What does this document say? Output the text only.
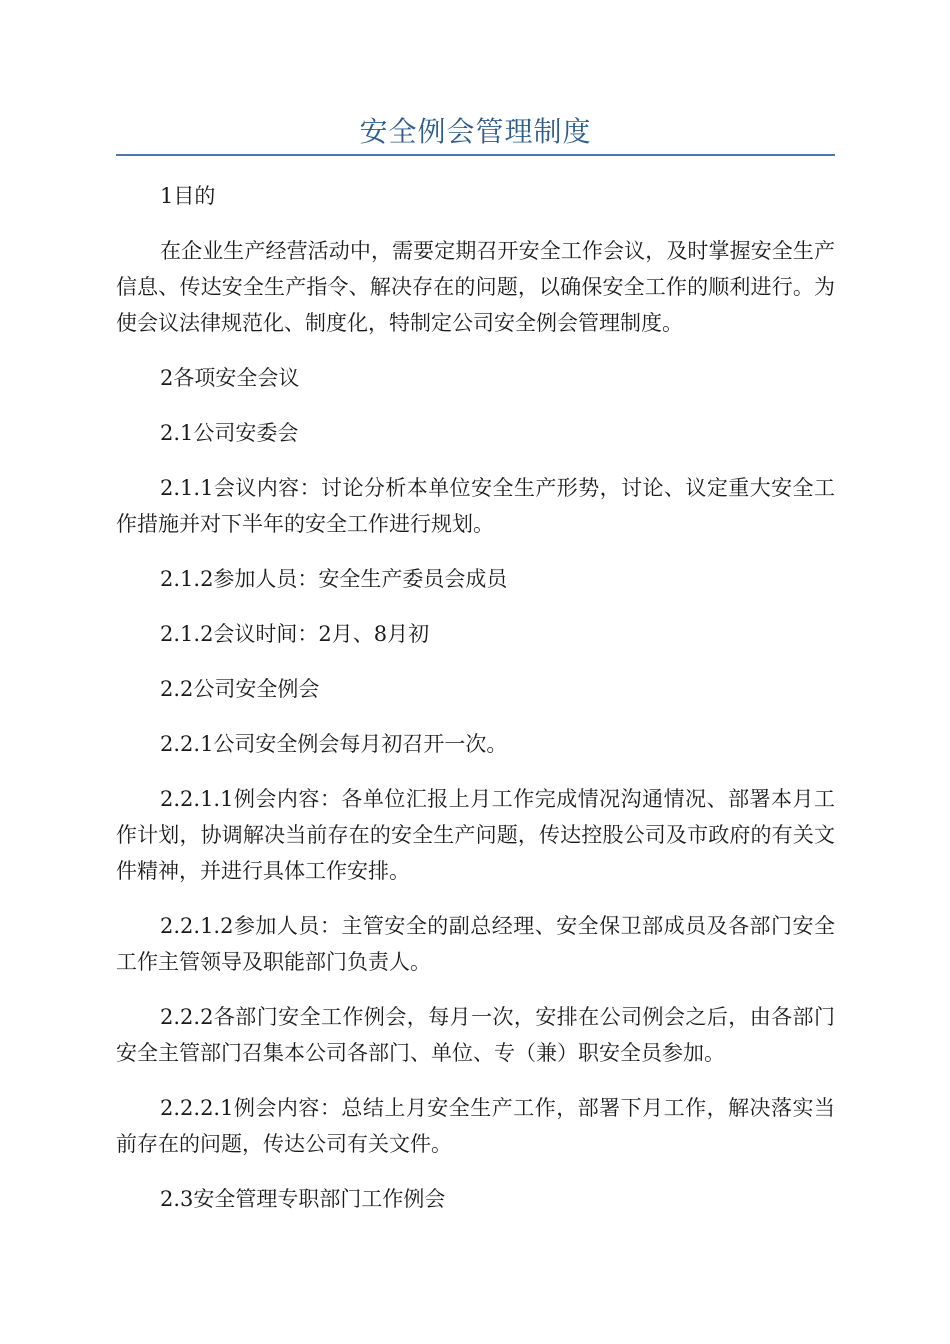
安全例会管理制度

1目的

在企业生产经营活动中，需要定期召开安全工作会议，及时掌握安全生产信息、传达安全生产指令、解决存在的问题，以确保安全工作的顺利进行。为使会议法律规范化、制度化，特制定公司安全例会管理制度。

2各项安全会议

2.1公司安委会

2.1.1会议内容：讨论分析本单位安全生产形势，讨论、议定重大安全工作措施并对下半年的安全工作进行规划。

2.1.2参加人员：安全生产委员会成员

2.1.2会议时间：2月、8月初

2.2公司安全例会

2.2.1公司安全例会每月初召开一次。

2.2.1.1例会内容：各单位汇报上月工作完成情况沟通情况、部署本月工作计划，协调解决当前存在的安全生产问题，传达控股公司及市政府的有关文件精神，并进行具体工作安排。

2.2.1.2参加人员：主管安全的副总经理、安全保卫部成员及各部门安全工作主管领导及职能部门负责人。

2.2.2各部门安全工作例会，每月一次，安排在公司例会之后，由各部门安全主管部门召集本公司各部门、单位、专（兼）职安全员参加。

2.2.2.1例会内容：总结上月安全生产工作，部署下月工作，解决落实当前存在的问题，传达公司有关文件。

2.3安全管理专职部门工作例会
